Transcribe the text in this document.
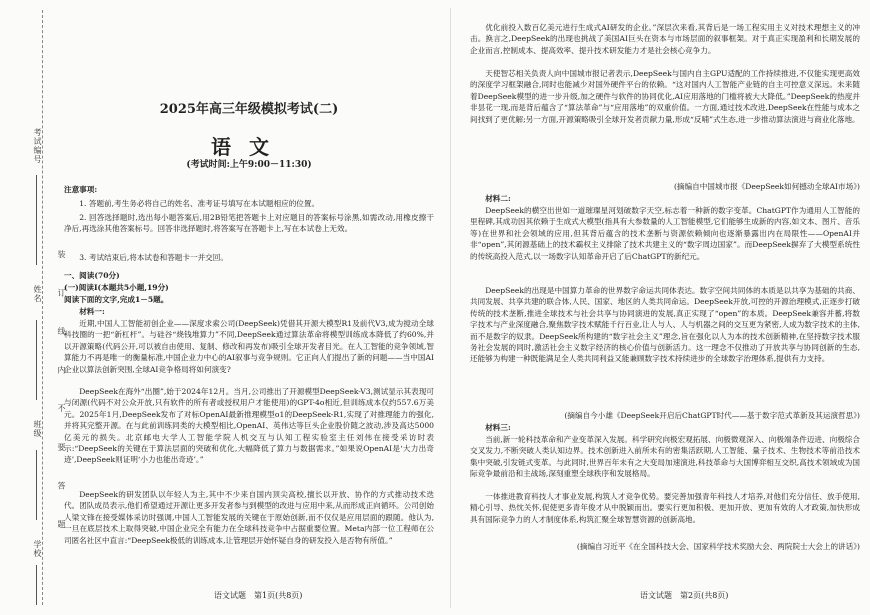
考试编号
姓名
班级
学校
装 订 线 内 不 要 答 题
2025年高三年级模拟考试(二)
语文
(考试时间:上午9:00－11:30)
注意事项:
1. 答题前,考生务必将自己的姓名、准考证号填写在本试题相应的位置。
2. 回答选择题时,选出每小题答案后,用2B铅笔把答题卡上对应题目的答案标号涂黑,如需改动,用橡皮擦干净后,再选涂其他答案标号。回答非选择题时,将答案写在答题卡上,写在本试卷上无效。
3. 考试结束后,将本试卷和答题卡一并交回。
一、阅读(70分)
(一)阅读Ⅰ(本题共5小题,19分)
阅读下面的文字,完成1－5题。
材料一:
近期,中国人工智能初创企业——深度求索公司(DeepSeek)凭借其开源大模型R1及前代V3,成为搅动全球科技圈的一把“新杠杆”。与硅谷“烧钱堆算力”不同,DeepSeek通过算法革命将模型训练成本降低了约60%,并以开源策略(代码公开,可以被自由使用、复制、修改和再发布)吸引全球开发者目光。在人工智能的竞争领域,智算能力不再是唯一的衡量标准,中国企业力中心的AI叙事与竞争规则。它正向人们提出了新的问题——当中国AI企业以算法创新突围,全球AI竞争格局将如何演变?
DeepSeek在海外“出圈”,始于2024年12月。当月,公司推出了开源模型DeepSeek-V3,测试显示其表现可与闭源(代码不对公众开放,只有软件的所有者或授权用户才能使用)的GPT-4o相近,但训练成本仅约557.6万美元。2025年1月,DeepSeek发布了对标OpenAI最新推理模型o1的DeepSeek-R1,实现了对推理能力的强化,并将其完整开源。在与此前训练同类的大模型相比,OpenAI、英伟达等巨头企业股价随之波动,涉及高达5000亿美元的损失。北京邮电大学人工智能学院人机交互与认知工程实验室主任刘伟在接受采访时表示:“DeepSeek的关键在于算法层面的突破和优化,大幅降低了算力与数据需求。”如果说OpenAI是‘大力出奇迹’,DeepSeek则证明‘小力也能出奇迹’。”
DeepSeek的研发团队以年轻人为主,其中不少来自国内顶尖高校,擅长以开放、协作的方式推动技术迭代。团队成员表示,他们希望通过开源让更多开发者参与到模型的改进与应用中来,从而形成正向循环。公司创始人梁文锋在接受媒体采访时强调,中国人工智能发展的关键在于原始创新,而不仅仅是应用层面的跟随。他认为,一旦在底层技术上取得突破,中国企业完全有能力在全球科技竞争中占据重要位置。Meta内部一位工程师在公司匿名社区中直言:“DeepSeek极低的训练成本,让管理层开始怀疑自身的研发投入是否物有所值。”
语文试题　第1页(共8页)
优化前投入数百亿美元进行生成式AI研发的企业。”深层次来看,其背后是一场工程实用主义对技术理想主义的冲击。换言之,DeepSeek的出现也挑战了美国AI巨头在资本与市场层面的叙事框架。对于真正实现盈利和长期发展的企业而言,控制成本、提高效率、提升技术研发能力才是社会核心竞争力。
天使智芯相关负责人向中国城市报记者表示,DeepSeek与国内自主GPU适配的工作持续推进,不仅能实现更高效的深度学习框架融合,同时也能减少对国外硬件平台的依赖。“这对国内人工智能产业链的自主可控意义深远。未来随着DeepSeek模型的进一步升级,加之硬件与软件的协同优化,AI应用落地的门槛将被大大降低。”DeepSeek的热度并非昙花一现,而是背后蕴含了“算法革命”与“应用落地”的双重价值。一方面,通过技术改进,DeepSeek在性能与成本之间找到了更优解;另一方面,开源策略吸引全球开发者贡献力量,形成“反哺”式生态,进一步推动算法演进与商业化落地。
(摘编自中国城市报《DeepSeek如何撼动全球AI市场》)
材料二:
DeepSeek的横空出世如一道璀璨星河划破数字天空,标志着一种新的数字变革。ChatGPT作为通用人工智能的里程碑,其成功因其依赖于生成式大模型(指具有大参数量的人工智能模型,它们能够生成新的内容,如文本、图片、音乐等)在世界和社会领域的应用,但其背后蕴含的技术垄断与资源依赖倾向也逐渐暴露出内在局限性——OpenAI并非“open”,其闭源基础上的技术霸权主义排除了技术共建主义的“数字周边国家”。而DeepSeek摒弃了大模型系统性的传统高投入范式,以一场数字认知革命开启了后ChatGPT的新纪元。
DeepSeek的出现是中国算力革命的世界数字命运共同体表达。数字空间共同体的本质是以共享为基础的共商、共同发展、共享共建的联合体,人民、国家、地区的人类共同命运。DeepSeek开放,可控的开源治理模式,正逐步打破传统的技术垄断,推进全球技术与社会共享与协同演进的发展,真正实现了“open”的本质。DeepSeek兼容并蓄,将数字技术与产业深度融合,聚焦数字技术赋能千行百业,让人与人、人与机器之间的交互更为紧密,人成为数字技术的主体,而不是数字的奴隶。DeepSeek所构建的“数字社会主义”理念,旨在强化以人为本的技术创新精神,在坚持数字技术服务社会发展的同时,激活社会主义数字经济的核心价值与创新活力。这一理念不仅推动了开放共享与协同创新的生态,还能够为构建一种既能满足全人类共同利益又能兼顾数字技术持续进步的全球数字治理体系,提供有力支持。
(摘编自今小雄《DeepSeek开启后ChatGPT时代——基于数字范式革新及其运演哲思》)
材料三:
当前,新一轮科技革命和产业变革深入发展。科学研究向极宏观拓展、向极微观深入、向极端条件迈进、向极综合交叉发力,不断突破人类认知边界。技术创新进入前所未有的密集活跃期,人工智能、量子技术、生物技术等前沿技术集中突破,引发链式变革。与此同时,世界百年未有之大变局加速演进,科技革命与大国博弈相互交织,高技术领域成为国际竞争最前沿和主战场,深刻重塑全球秩序和发展格局。
一体推进教育科技人才事业发展,构筑人才竞争优势。要完善加强青年科技人才培养,对他们充分信任、放手使用,精心引导、热忱关怀,促使更多青年俊才从中脱颖而出。要实行更加积极、更加开放、更加有效的人才政策,加快形成具有国际竞争力的人才制度体系,构筑汇聚全球智慧资源的创新高地。
(摘编自习近平《在全国科技大会、国家科学技术奖励大会、两院院士大会上的讲话》)
语文试题　第2页(共8页)
